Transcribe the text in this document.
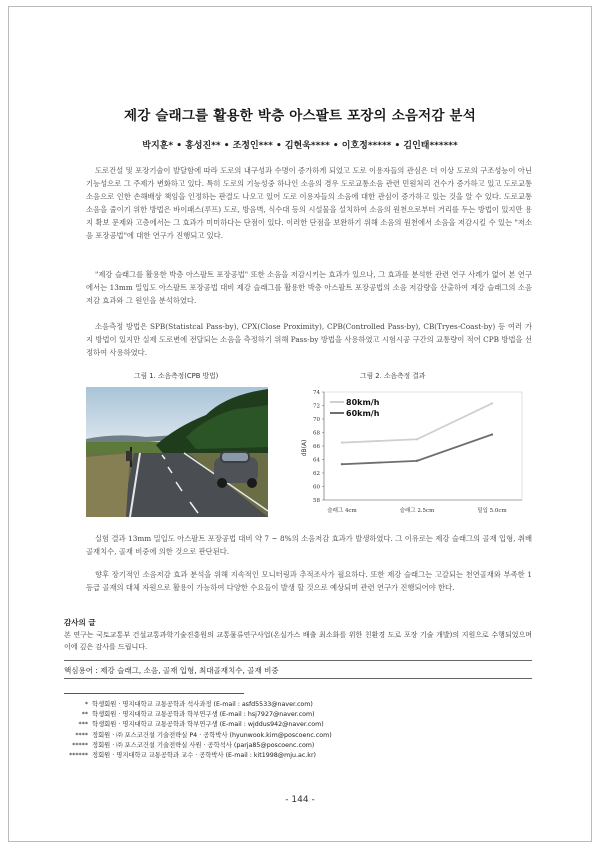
제강 슬래그를 활용한 박층 아스팔트 포장의 소음저감 분석
박지훈* • 홍성진** • 조정인*** • 김현욱**** • 이호정***** • 김인태******

도로건설 및 포장기술이 발달함에 따라 도로의 내구성과 수명이 증가하게 되었고 도로 이용자들의 관심은 더 이상 도로의 구조성능이 아닌 기능성으로 그 주제가 변화하고 있다. 특히 도로의 기능성중 하나인 소음의 경우 도로교통소음 관련 민원처리 건수가 증가하고 있고 도로교통소음으로 인한 손해배상 책임을 인정하는 판결도 나오고 있어 도로 이용자들의 소음에 대한 관심이 증가하고 있는 것을 알 수 있다. 도로교통소음을 줄이기 위한 방법은 바이패스(루프) 도로, 방음벽, 식수대 등의 시설물을 설치하여 소음의 원천으로부터 거리를 두는 방법이 있지만 용지 확보 문제와 고층에서는 그 효과가 미미하다는 단점이 있다. 이러한 단점을 보완하기 위해 소음의 원천에서 소음을 저감시킬 수 있는 "저소음 포장공법"에 대한 연구가 진행되고 있다.

"제강 슬래그를 활용한 박층 아스팔트 포장공법" 또한 소음을 저감시키는 효과가 있으나, 그 효과를 분석한 관련 연구 사례가 없어 본 연구에서는 13mm 밀입도 아스팔트 포장공법 대비 제강 슬래그를 활용한 박층 아스팔트 포장공법의 소음 저감량을 산출하여 제강 슬래그의 소음저감 효과와 그 원인을 분석하였다.

소음측정 방법은 SPB(Statistcal Pass-by), CPX(Close Proximity), CPB(Controlled Pass-by), CB(Tryes-Coast-by) 등 여러 가지 방법이 있지만 실제 도로변에 전달되는 소음을 측정하기 위해 Pass-by 방법을 사용하였고 시험시공 구간의 교통량이 적어 CPB 방법을 선정하여 사용하였다.

그림 1. 소음측정(CPB 방법)	그림 2. 소음측정 결과
58
60
62
64
66
68
70
72
74
슬래그 4cm	슬래그 2.5cm	밀입 5.0cm
80km/h
60km/h
dB(A)

실험 결과 13mm 밀입도 아스팔트 포장공법 대비 약 7 ~ 8%의 소음저감 효과가 발생하였다. 그 이유로는 제강 슬래그의 골재 입형, 취배골재치수, 골재 비중에 의한 것으로 판단된다.

향후 장기적인 소음저감 효과 분석을 위해 지속적인 모니터링과 추적조사가 필요하다. 또한 제강 슬래그는 고갈되는 천연골재와 부족한 1등급 골재의 대체 자원으로 활용이 가능하여 다양한 수요들이 발생 할 것으로 예상되며 관련 연구가 진행되어야 한다.

감사의 글

본 연구는 국토교통부 건설교통과학기술진흥원의 교통물류연구사업(온실가스 배출 최소화를 위한 친환경 도로 포장 기술 개발)의 지원으로 수행되었으며 이에 깊은 감사를 드립니다.

핵심용어 : 제강 슬래그, 소음, 골재 입형, 최대골재치수, 골재 비중
* 학생회원 · 명지대학교 교통공학과 석사과정 (E-mail : asfd5533@naver.com)
** 학생회원 · 명지대학교 교통공학과 학부연구생 (E-mail : hsj7927@naver.com)
*** 학생회원 · 명지대학교 교통공학과 학부연구생 (E-mail : wjddus942@naver.com)
**** 정회원 · ㈜ 포스코건설 기술전략실 P4 · 공학박사 (hyunwook.kim@poscoenc.com)
***** 정회원 · ㈜ 포스코건설 기술전략실 사원 · 공학석사 (parja85@poscoenc.com)
****** 정회원 · 명지대학교 교통공학과 교수 · 공학박사 (E-mail : kit1998@mju.ac.kr)
- 144 -
